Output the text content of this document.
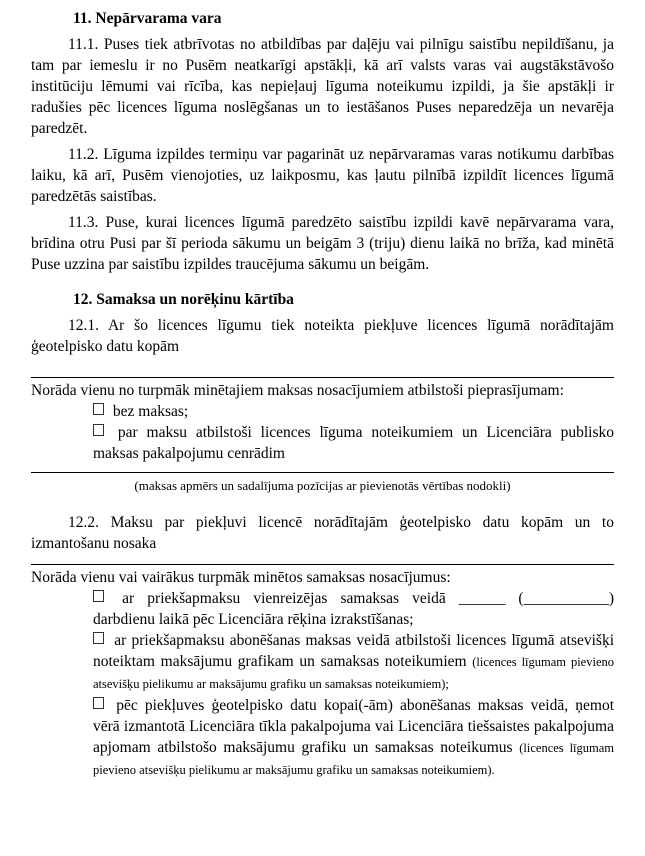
11. Nepārvarama vara

11.1. Puses tiek atbrīvotas no atbildības par daļēju vai pilnīgu saistību nepildīšanu, ja tam par iemeslu ir no Pusēm neatkarīgi apstākļi, kā arī valsts varas vai augstākstāvošo institūciju lēmumi vai rīcība, kas nepieļauj līguma noteikumu izpildi, ja šie apstākļi ir radušies pēc licences līguma noslēgšanas un to iestāšanos Puses neparedzēja un nevarēja paredzēt.

11.2. Līguma izpildes termiņu var pagarināt uz nepārvaramas varas notikumu darbības laiku, kā arī, Pusēm vienojoties, uz laikposmu, kas ļautu pilnībā izpildīt licences līgumā paredzētās saistības.

11.3. Puse, kurai licences līgumā paredzēto saistību izpildi kavē nepārvarama vara, brīdina otru Pusi par šī perioda sākumu un beigām 3 (triju) dienu laikā no brīža, kad minētā Puse uzzina par saistību izpildes traucējuma sākumu un beigām.

12. Samaksa un norēķinu kārtība

12.1. Ar šo licences līgumu tiek noteikta piekļuve licences līgumā norādītajām ģeotelpisko datu kopām

Norāda vienu no turpmāk minētajiem maksas nosacījumiem atbilstoši pieprasījumam:

bez maksas;
par maksu atbilstoši licences līguma noteikumiem un Licenciāra publisko maksas pakalpojumu cenrādim
(maksas apmērs un sadalījuma pozīcijas ar pievienotās vērtības nodokli)

12.2. Maksu par piekļuvi licencē norādītajām ģeotelpisko datu kopām un to izmantošanu nosaka

Norāda vienu vai vairākus turpmāk minētos samaksas nosacījumus:

ar priekšapmaksu vienreizējas samaksas veidā ______ (___________) darbdienu laikā pēc Licenciāra rēķina izrakstīšanas;
ar priekšapmaksu abonēšanas maksas veidā atbilstoši licences līgumā atsevišķi noteiktam maksājumu grafikam un samaksas noteikumiem (licences līgumam pievieno atsevišķu pielikumu ar maksājumu grafiku un samaksas noteikumiem);
pēc piekļuves ģeotelpisko datu kopai(-ām) abonēšanas maksas veidā, ņemot vērā izmantotā Licenciāra tīkla pakalpojuma vai Licenciāra tiešsaistes pakalpojuma apjomam atbilstošo maksājumu grafiku un samaksas noteikumus (licences līgumam pievieno atsevišķu pielikumu ar maksājumu grafiku un samaksas noteikumiem).
